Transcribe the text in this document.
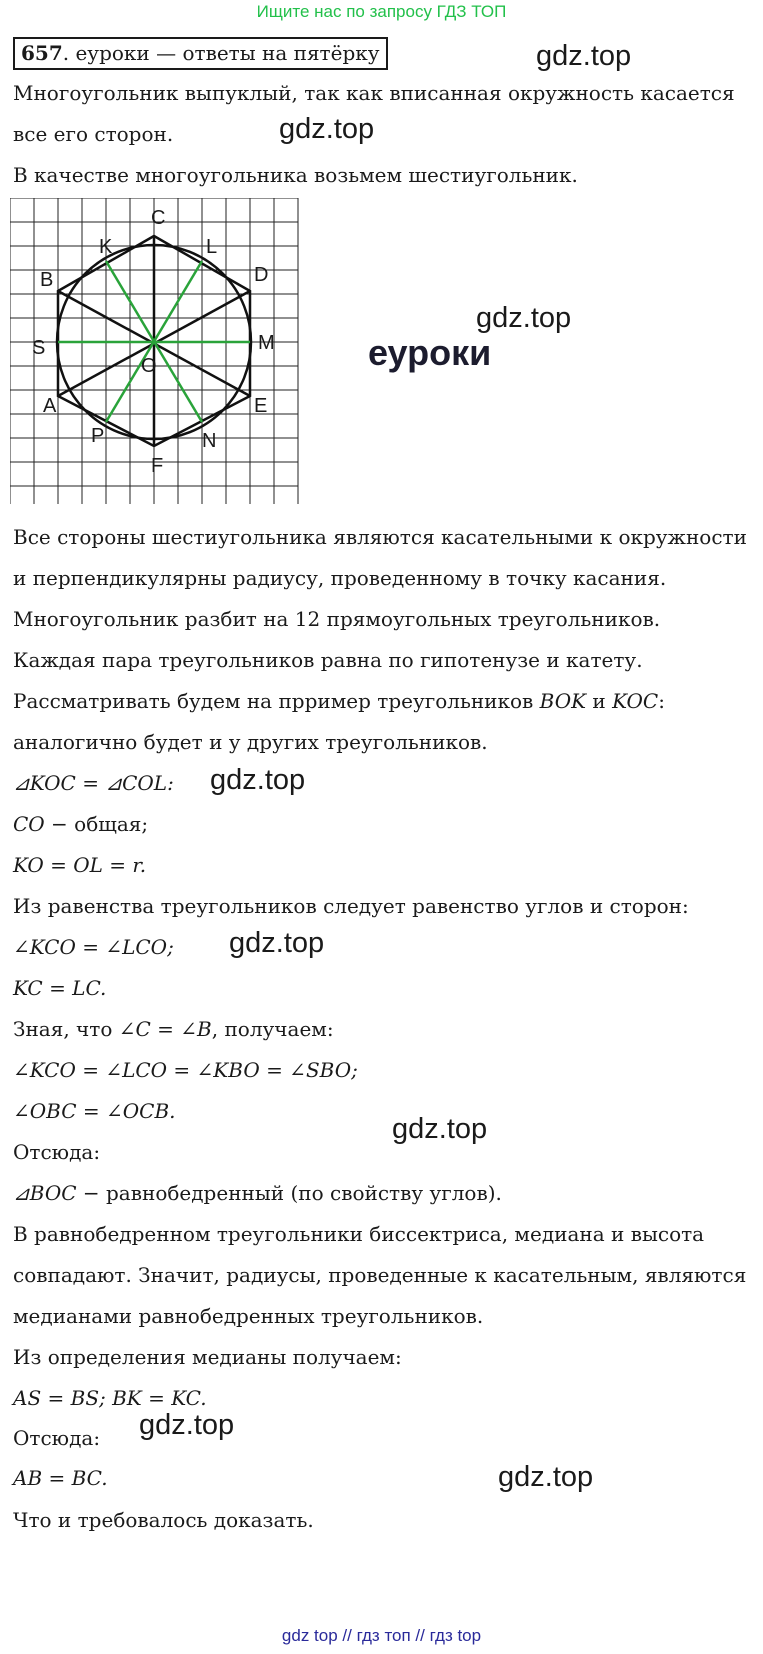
Ищите нас по запросу ГДЗ ТОП
657. еуроки — ответы на пятёрку	gdz.top
Многоугольник выпуклый, так как вписанная окружность касается
все его сторон.	gdz.top
В качестве многоугольника возьмем шестиугольник.
C
L
D
M
E
N
F
P
A
S
B
K
O
gdz.top
еуроки
Все стороны шестиугольника являются касательными к окружности
и перпендикулярны радиусу, проведенному в точку касания.
Многоугольник разбит на 12 прямоугольных треугольников.
Каждая пара треугольников равна по гипотенузе и катету.
Рассматривать будем на прример треугольников BOK и KOC:
аналогично будет и у других треугольников.
⊿KOC = ⊿COL: gdz.top
CO − общая;
KO = OL = r.
Из равенства треугольников следует равенство углов и сторон:
∠KCO = ∠LCO; gdz.top
KC = LC.
Зная, что ∠C = ∠B, получаем:
∠KCO = ∠LCO = ∠KBO = ∠SBO;
∠OBC = ∠OCB.
gdz.top
Отсюда:
⊿BOC − равнобедренный (по свойству углов).
В равнобедренном треугольники биссектриса, медиана и высота
совпадают. Значит, радиусы, проведенные к касательным, являются
медианами равнобедренных треугольников.
Из определения медианы получаем:
AS = BS; BK = KC.
gdz.top
Отсюда:
AB = BC.	gdz.top
Что и требовалось доказать.
gdz top // гдз топ // гдз top
